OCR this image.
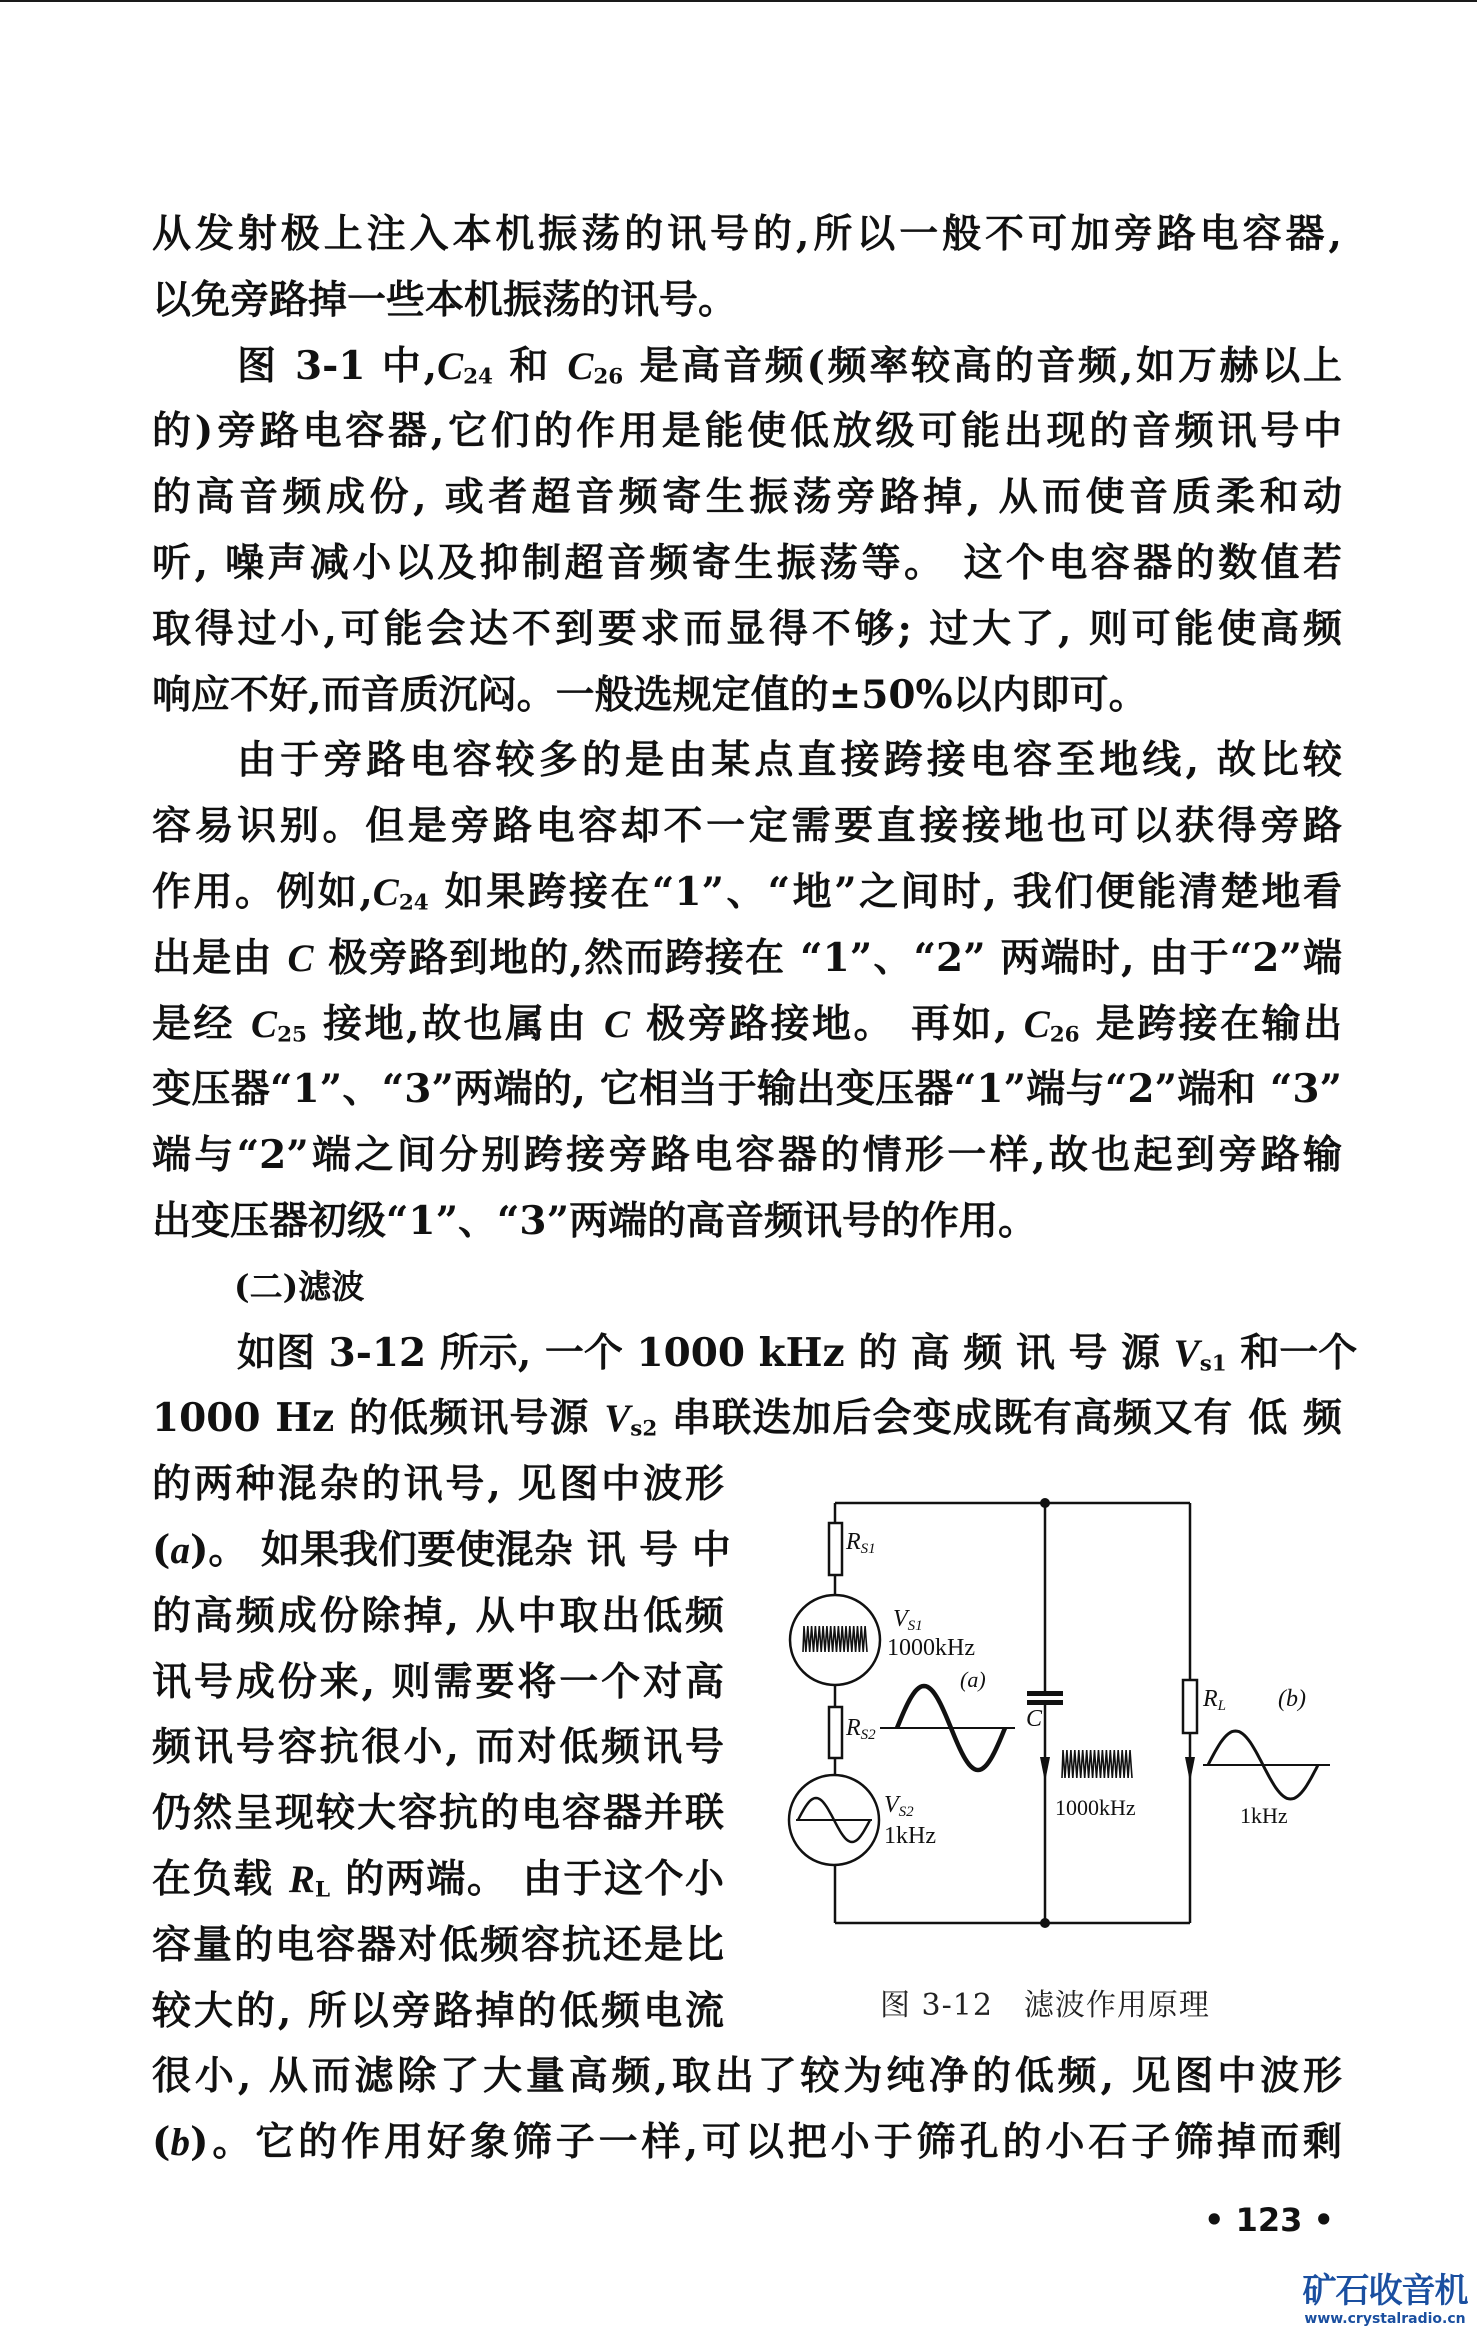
从发射极上注入本机振荡的讯号的,所以一般不可加旁路电容器,
以免旁路掉一些本机振荡的讯号。
图 3-1 中$,C_{24}$ 和 $C_{26}$ 是高音频(频率较高的音频,如万赫以上
的)旁路电容器,它们的作用是能使低放级可能出现的音频讯号中
的高音频成份, 或者超音频寄生振荡旁路掉, 从而使音质柔和动
听, 噪声减小以及抑制超音频寄生振荡等。 这个电容器的数值若
取得过小,可能会达不到要求而显得不够; 过大了, 则可能使高频
响应不好,而音质沉闷。一般选规定值的±50%以内即可。
由于旁路电容较多的是由某点直接跨接电容至地线, 故比较
容易识别。但是旁路电容却不一定需要直接接地也可以获得旁路
作用。例如$,C_{24}$ 如果跨接在“1”、“地”之间时, 我们便能清楚地看
出是由 C 极旁路到地的,然而跨接在 “1”、“2” 两端时, 由于“2”端
是经 $C_{25}$ 接地,故也属由 C 极旁路接地。 再如, $C_{26}$ 是跨接在输出
变压器“1”、“3”两端的, 它相当于输出变压器“1”端与“2”端和 “3”
端与“2”端之间分别跨接旁路电容器的情形一样,故也起到旁路输
出变压器初级“1”、“3”两端的高音频讯号的作用。
(二)滤波
如图 3-12 所示, 一个 1000 kHz 的 高 频 讯 号 源 $V_{s1}$ 和一个
1000 Hz 的低频讯号源 $V_{s2}$ 串联迭加后会变成既有高频又有 低 频
的两种混杂的讯号, 见图中波形
(a)。 如果我们要使混杂 讯 号 中
的高频成份除掉, 从中取出低频
讯号成份来, 则需要将一个对高
频讯号容抗很小, 而对低频讯号
仍然呈现较大容抗的电容器并联
在负载 $R_L$ 的两端。 由于这个小
容量的电容器对低频容抗还是比
较大的, 所以旁路掉的低频电流
很小, 从而滤除了大量高频,取出了较为纯净的低频, 见图中波形
(b)。它的作用好象筛子一样,可以把小于筛孔的小石子筛掉而剩
RS1
RS2
VS1
1000kHz
(a)
VS2
1kHz
C
1000kHz
RL (b)
1kHz
图 3-12　滤波作用原理
• 123 •
矿石收音机
www.crystalradio.cn
